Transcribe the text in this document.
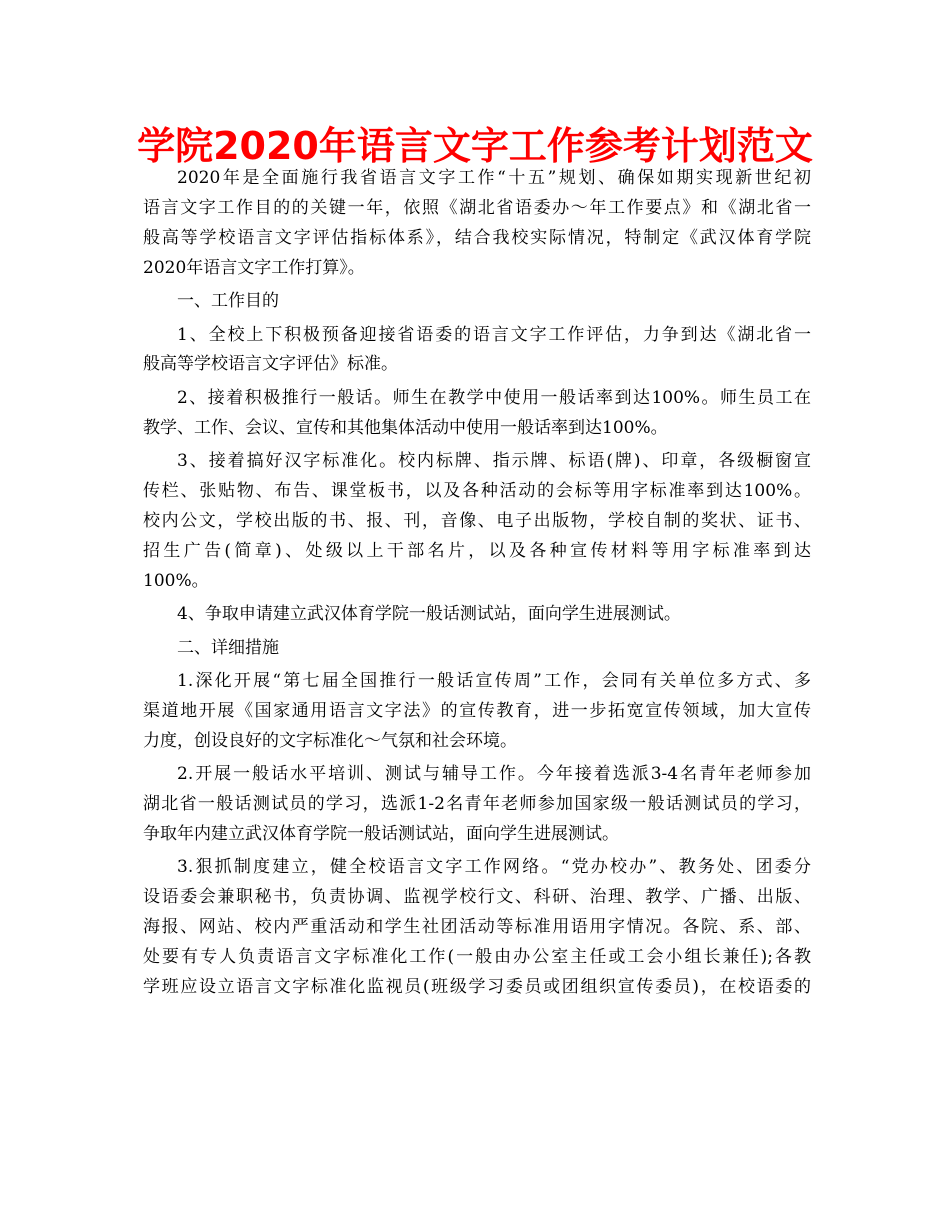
学院2020年语言文字工作参考计划范文
2020年是全面施行我省语言文字工作“十五”规划、确保如期实现新世纪初
语言文字工作目的的关键一年，依照《湖北省语委办～年工作要点》和《湖北省一
般高等学校语言文字评估指标体系》，结合我校实际情况，特制定《武汉体育学院
2020年语言文字工作打算》。
一、工作目的
1、全校上下积极预备迎接省语委的语言文字工作评估，力争到达《湖北省一
般高等学校语言文字评估》标准。
2、接着积极推行一般话。师生在教学中使用一般话率到达100%。师生员工在
教学、工作、会议、宣传和其他集体活动中使用一般话率到达100%。
3、接着搞好汉字标准化。校内标牌、指示牌、标语(牌)、印章，各级橱窗宣
传栏、张贴物、布告、课堂板书，以及各种活动的会标等用字标准率到达100%。
校内公文，学校出版的书、报、刊，音像、电子出版物，学校自制的奖状、证书、
招生广告(简章)、处级以上干部名片，以及各种宣传材料等用字标准率到达
100%。
4、争取申请建立武汉体育学院一般话测试站，面向学生进展测试。
二、详细措施
1.深化开展“第七届全国推行一般话宣传周”工作，会同有关单位多方式、多
渠道地开展《国家通用语言文字法》的宣传教育，进一步拓宽宣传领域，加大宣传
力度，创设良好的文字标准化～气氛和社会环境。
2.开展一般话水平培训、测试与辅导工作。今年接着选派3-4名青年老师参加
湖北省一般话测试员的学习，选派1-2名青年老师参加国家级一般话测试员的学习，
争取年内建立武汉体育学院一般话测试站，面向学生进展测试。
3.狠抓制度建立，健全校语言文字工作网络。“党办校办”、教务处、团委分
设语委会兼职秘书，负责协调、监视学校行文、科研、治理、教学、广播、出版、
海报、网站、校内严重活动和学生社团活动等标准用语用字情况。各院、系、部、
处要有专人负责语言文字标准化工作(一般由办公室主任或工会小组长兼任);各教
学班应设立语言文字标准化监视员(班级学习委员或团组织宣传委员)，在校语委的
